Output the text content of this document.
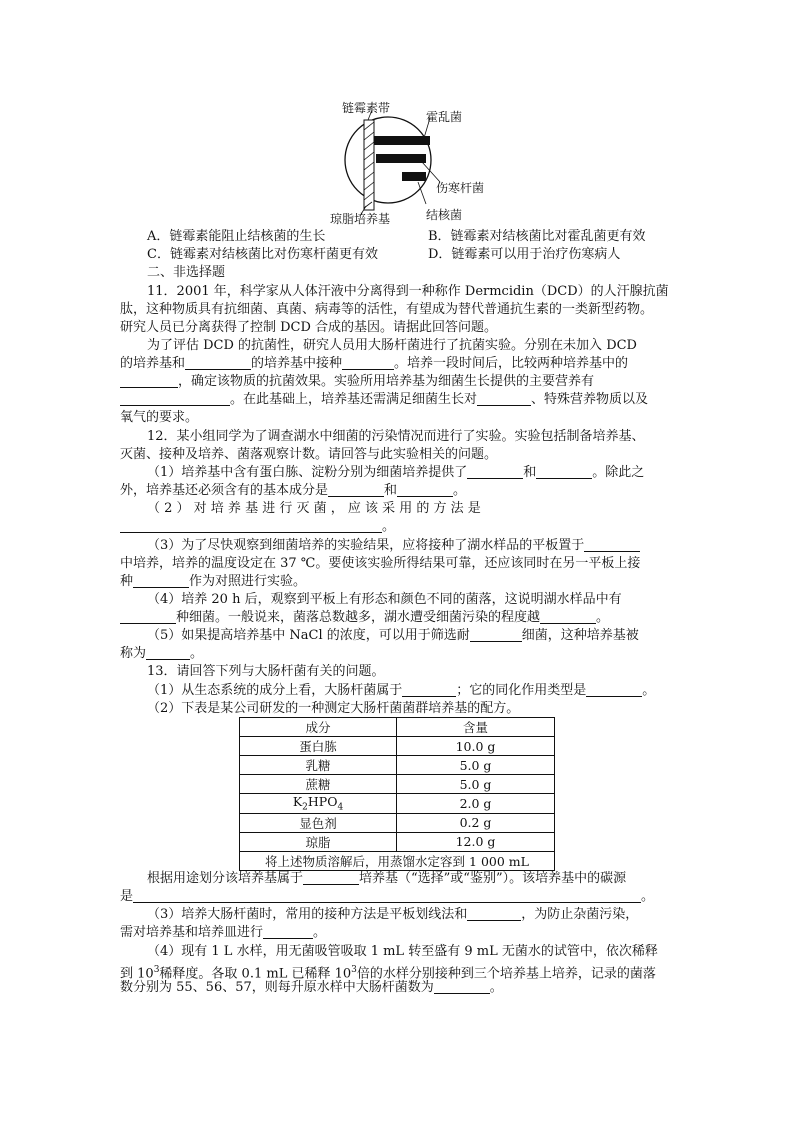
链霉素带
霍乱菌
伤寒杆菌
琼脂培养基	结核菌
A．链霉素能阻止结核菌的生长	B．链霉素对结核菌比对霍乱菌更有效
C．链霉素对结核菌比对伤寒杆菌更有效	D．链霉素可以用于治疗伤寒病人
二、非选择题
11．2001 年，科学家从人体汗液中分离得到一种称作 Dermcidin（DCD）的人汗腺抗菌
肽，这种物质具有抗细菌、真菌、病毒等的活性，有望成为替代普通抗生素的一类新型药物。
研究人员已分离获得了控制 DCD 合成的基因。请据此回答问题。
为了评估 DCD 的抗菌性，研究人员用大肠杆菌进行了抗菌实验。分别在未加入 DCD
的培养基和	的培养基中接种	。培养一段时间后，比较两种培养基中的
，确定该物质的抗菌效果。实验所用培养基为细菌生长提供的主要营养有
。在此基础上，培养基还需满足细菌生长对	、特殊营养物质以及
氧气的要求。
12．某小组同学为了调查湖水中细菌的污染情况而进行了实验。实验包括制备培养基、
灭菌、接种及培养、菌落观察计数。请回答与此实验相关的问题。
（1）培养基中含有蛋白胨、淀粉分别为细菌培养提供了	和	。除此之
外，培养基还必须含有的基本成分是	和	。
（ 2 ） 对 培 养 基 进 行 灭 菌 ， 应 该 采 用 的 方 法 是
。
（3）为了尽快观察到细菌培养的实验结果，应将接种了湖水样品的平板置于
中培养，培养的温度设定在 37 ℃。要使该实验所得结果可靠，还应该同时在另一平板上接
种	作为对照进行实验。
（4）培养 20 h 后，观察到平板上有形态和颜色不同的菌落，这说明湖水样品中有
种细菌。一般说来，菌落总数越多，湖水遭受细菌污染的程度越	。
（5）如果提高培养基中 NaCl 的浓度，可以用于筛选耐	细菌，这种培养基被
称为	。
13．请回答下列与大肠杆菌有关的问题。
（1）从生态系统的成分上看，大肠杆菌属于	；它的同化作用类型是	。
（2）下表是某公司研发的一种测定大肠杆菌菌群培养基的配方。
成分	含量
蛋白胨	10.0 g
乳糖	5.0 g
蔗糖	5.0 g
$K_2HPO_4$	2.0 g
显色剂	0.2 g
琼脂	12.0 g
将上述物质溶解后，用蒸馏水定容到 1 000 mL	
根据用途划分该培养基属于	培养基（“选择”或“鉴别”）。该培养基中的碳源
是	。
（3）培养大肠杆菌时，常用的接种方法是平板划线法和	，为防止杂菌污染，
需对培养基和培养皿进行	。
（4）现有 1 L 水样，用无菌吸管吸取 1 mL 转至盛有 9 mL 无菌水的试管中，依次稀释
到 $10^3$稀释度。各取 0.1 mL 已稀释 $10^3$倍的水样分别接种到三个培养基上培养，记录的菌落
数分别为 55、56、57，则每升原水样中大肠杆菌数为	。
